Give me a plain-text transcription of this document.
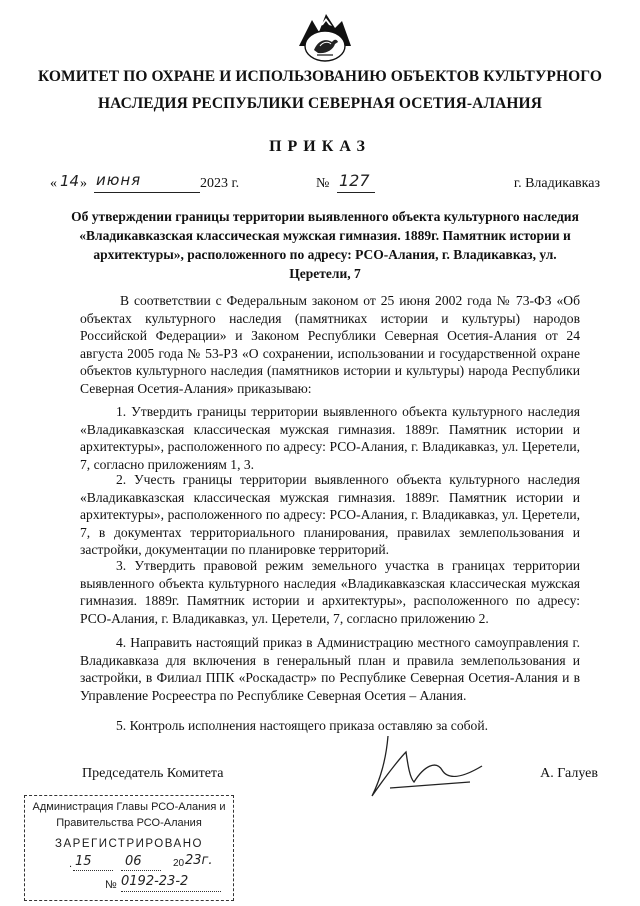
КОМИТЕТ ПО ОХРАНЕ И ИСПОЛЬЗОВАНИЮ ОБЪЕКТОВ КУЛЬТУРНОГО
НАСЛЕДИЯ РЕСПУБЛИКИ СЕВЕРНАЯ ОСЕТИЯ-АЛАНИЯ
ПРИКАЗ
« 14 » июня	2023 г.	№ 127	г. Владикавказ
Об утверждении границы территории выявленного объекта культурного наследия «Владикавказская классическая мужская гимназия. 1889г. Памятник истории и архитектуры», расположенного по адресу: РСО-Алания, г. Владикавказ, ул. Церетели, 7

В соответствии с Федеральным законом от 25 июня 2002 года № 73-ФЗ «Об объектах культурного наследия (памятниках истории и культуры) народов Российской Федерации» и Законом Республики Северная Осетия-Алания от 24 августа 2005 года № 53-РЗ «О сохранении, использовании и государственной охране объектов культурного наследия (памятников истории и культуры) народа Республики Северная Осетия-Алания» приказываю:

1. Утвердить границы территории выявленного объекта культурного наследия «Владикавказская классическая мужская гимназия. 1889г. Памятник истории и архитектуры», расположенного по адресу: РСО-Алания, г. Владикавказ, ул. Церетели, 7, согласно приложениям 1, 3.

2. Учесть границы территории выявленного объекта культурного наследия «Владикавказская классическая мужская гимназия. 1889г. Памятник истории и архитектуры», расположенного по адресу: РСО-Алания, г. Владикавказ, ул. Церетели, 7, в документах территориального планирования, правилах землепользования и застройки, документации по планировке территорий.

3. Утвердить правовой режим земельного участка в границах территории выявленного объекта культурного наследия «Владикавказская классическая мужская гимназия. 1889г. Памятник истории и архитектуры», расположенного по адресу: РСО-Алания, г. Владикавказ, ул. Церетели, 7, согласно приложению 2.

4. Направить настоящий приказ в Администрацию местного самоуправления г. Владикавказа для включения в генеральный план и правила землепользования и застройки, в Филиал ППК «Роскадастр» по Республике Северная Осетия-Алания и в Управление Росреестра по Республике Северная Осетия – Алания.

5. Контроль исполнения настоящего приказа оставляю за собой.

Председатель Комитета	А. Галуев
Администрация Главы РСО-Алания и
Правительства РСО-Алания
ЗАРЕГИСТРИРОВАНО
. 15	06	20 23г.
№ 0192-23-2
